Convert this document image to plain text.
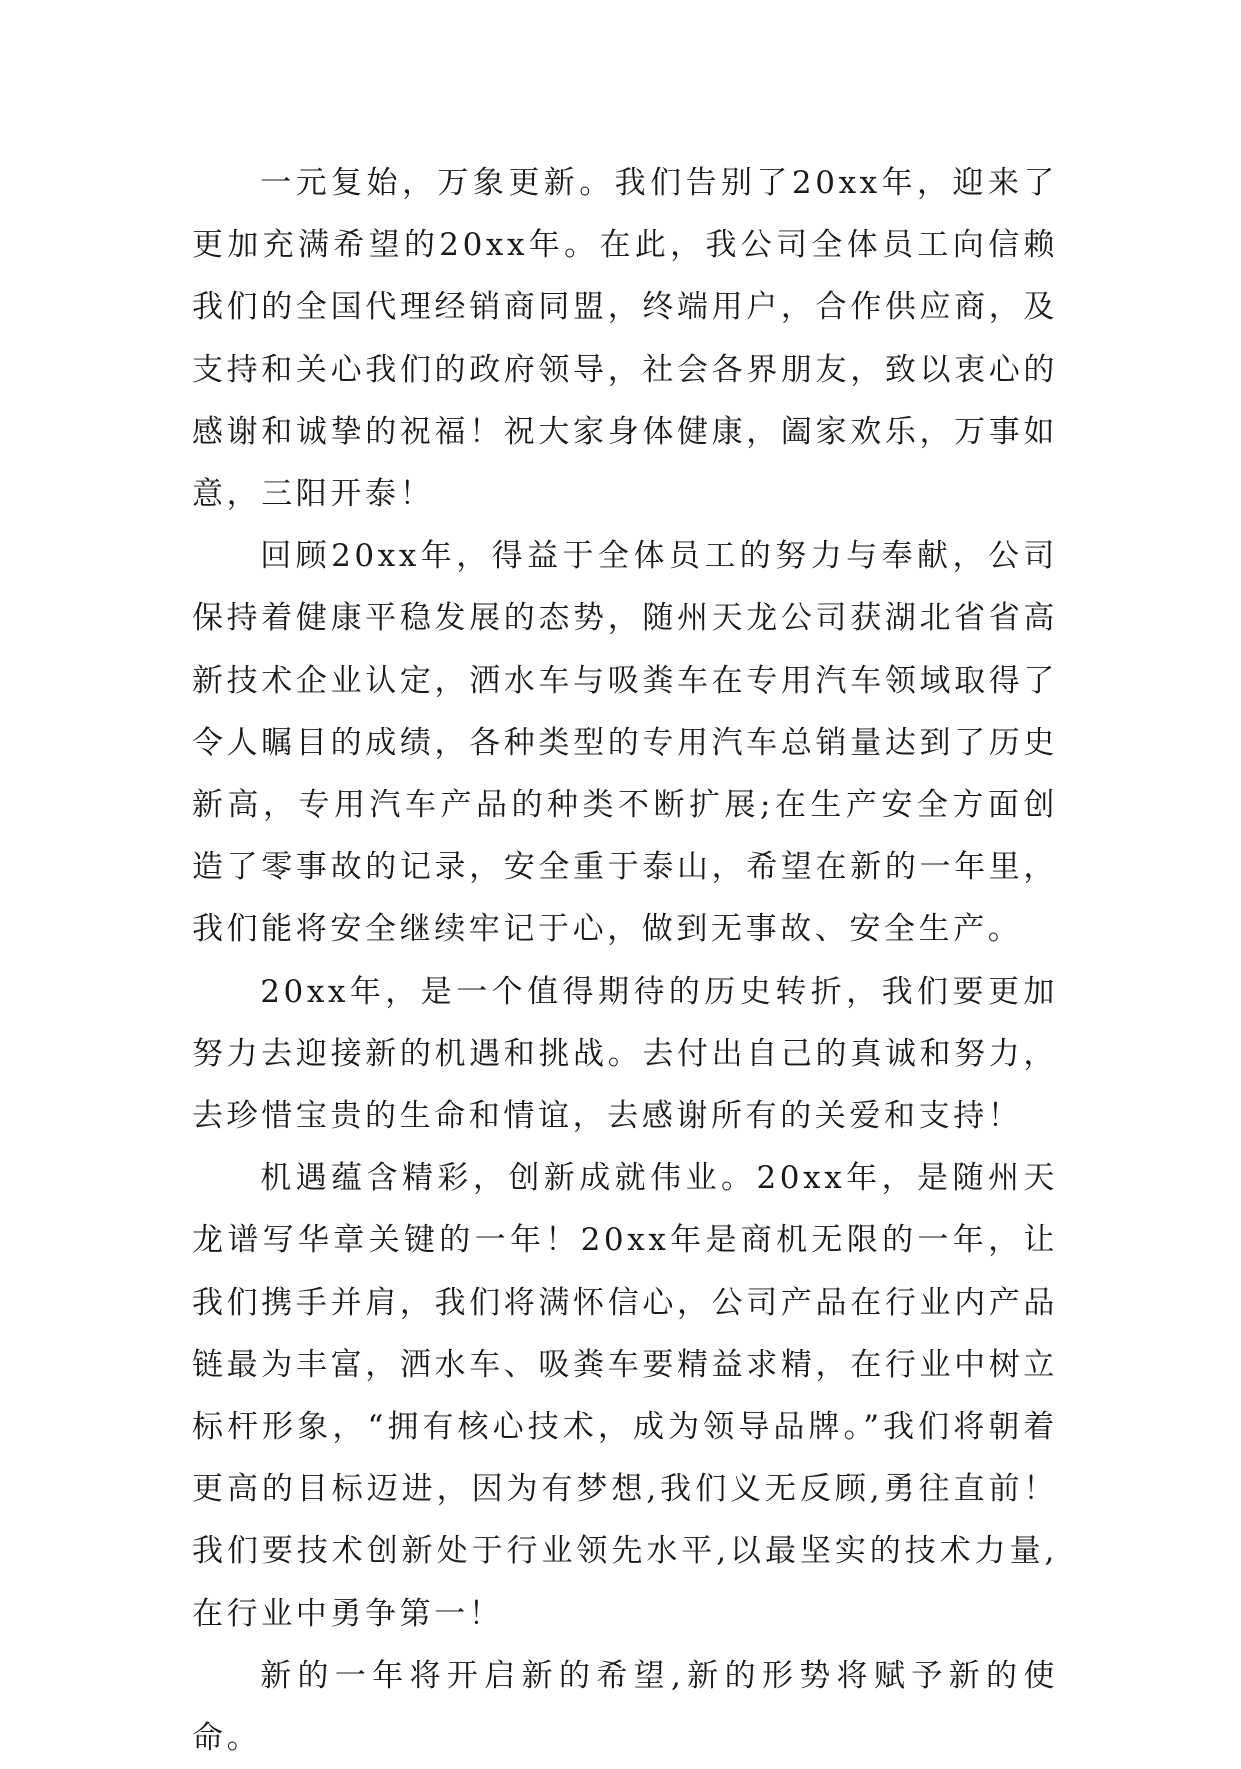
一元复始，万象更新。我们告别了20xx年，迎来了更加充满希望的20xx年。在此，我公司全体员工向信赖我们的全国代理经销商同盟，终端用户，合作供应商，及支持和关心我们的政府领导，社会各界朋友，致以衷心的感谢和诚挚的祝福！祝大家身体健康，阖家欢乐，万事如意，三阳开泰！

回顾20xx年，得益于全体员工的努力与奉献，公司保持着健康平稳发展的态势，随州天龙公司获湖北省省高新技术企业认定，洒水车与吸粪车在专用汽车领域取得了令人瞩目的成绩，各种类型的专用汽车总销量达到了历史新高，专用汽车产品的种类不断扩展;在生产安全方面创造了零事故的记录，安全重于泰山，希望在新的一年里，我们能将安全继续牢记于心，做到无事故、安全生产。

20xx年，是一个值得期待的历史转折，我们要更加努力去迎接新的机遇和挑战。去付出自己的真诚和努力，去珍惜宝贵的生命和情谊，去感谢所有的关爱和支持！

机遇蕴含精彩，创新成就伟业。20xx年，是随州天龙谱写华章关键的一年！20xx年是商机无限的一年，让我们携手并肩，我们将满怀信心，公司产品在行业内产品链最为丰富，洒水车、吸粪车要精益求精，在行业中树立标杆形象，“拥有核心技术，成为领导品牌。”我们将朝着更高的目标迈进，因为有梦想,我们义无反顾,勇往直前！我们要技术创新处于行业领先水平,以最坚实的技术力量,在行业中勇争第一！

新的一年将开启新的希望,新的形势将赋予新的使命。
